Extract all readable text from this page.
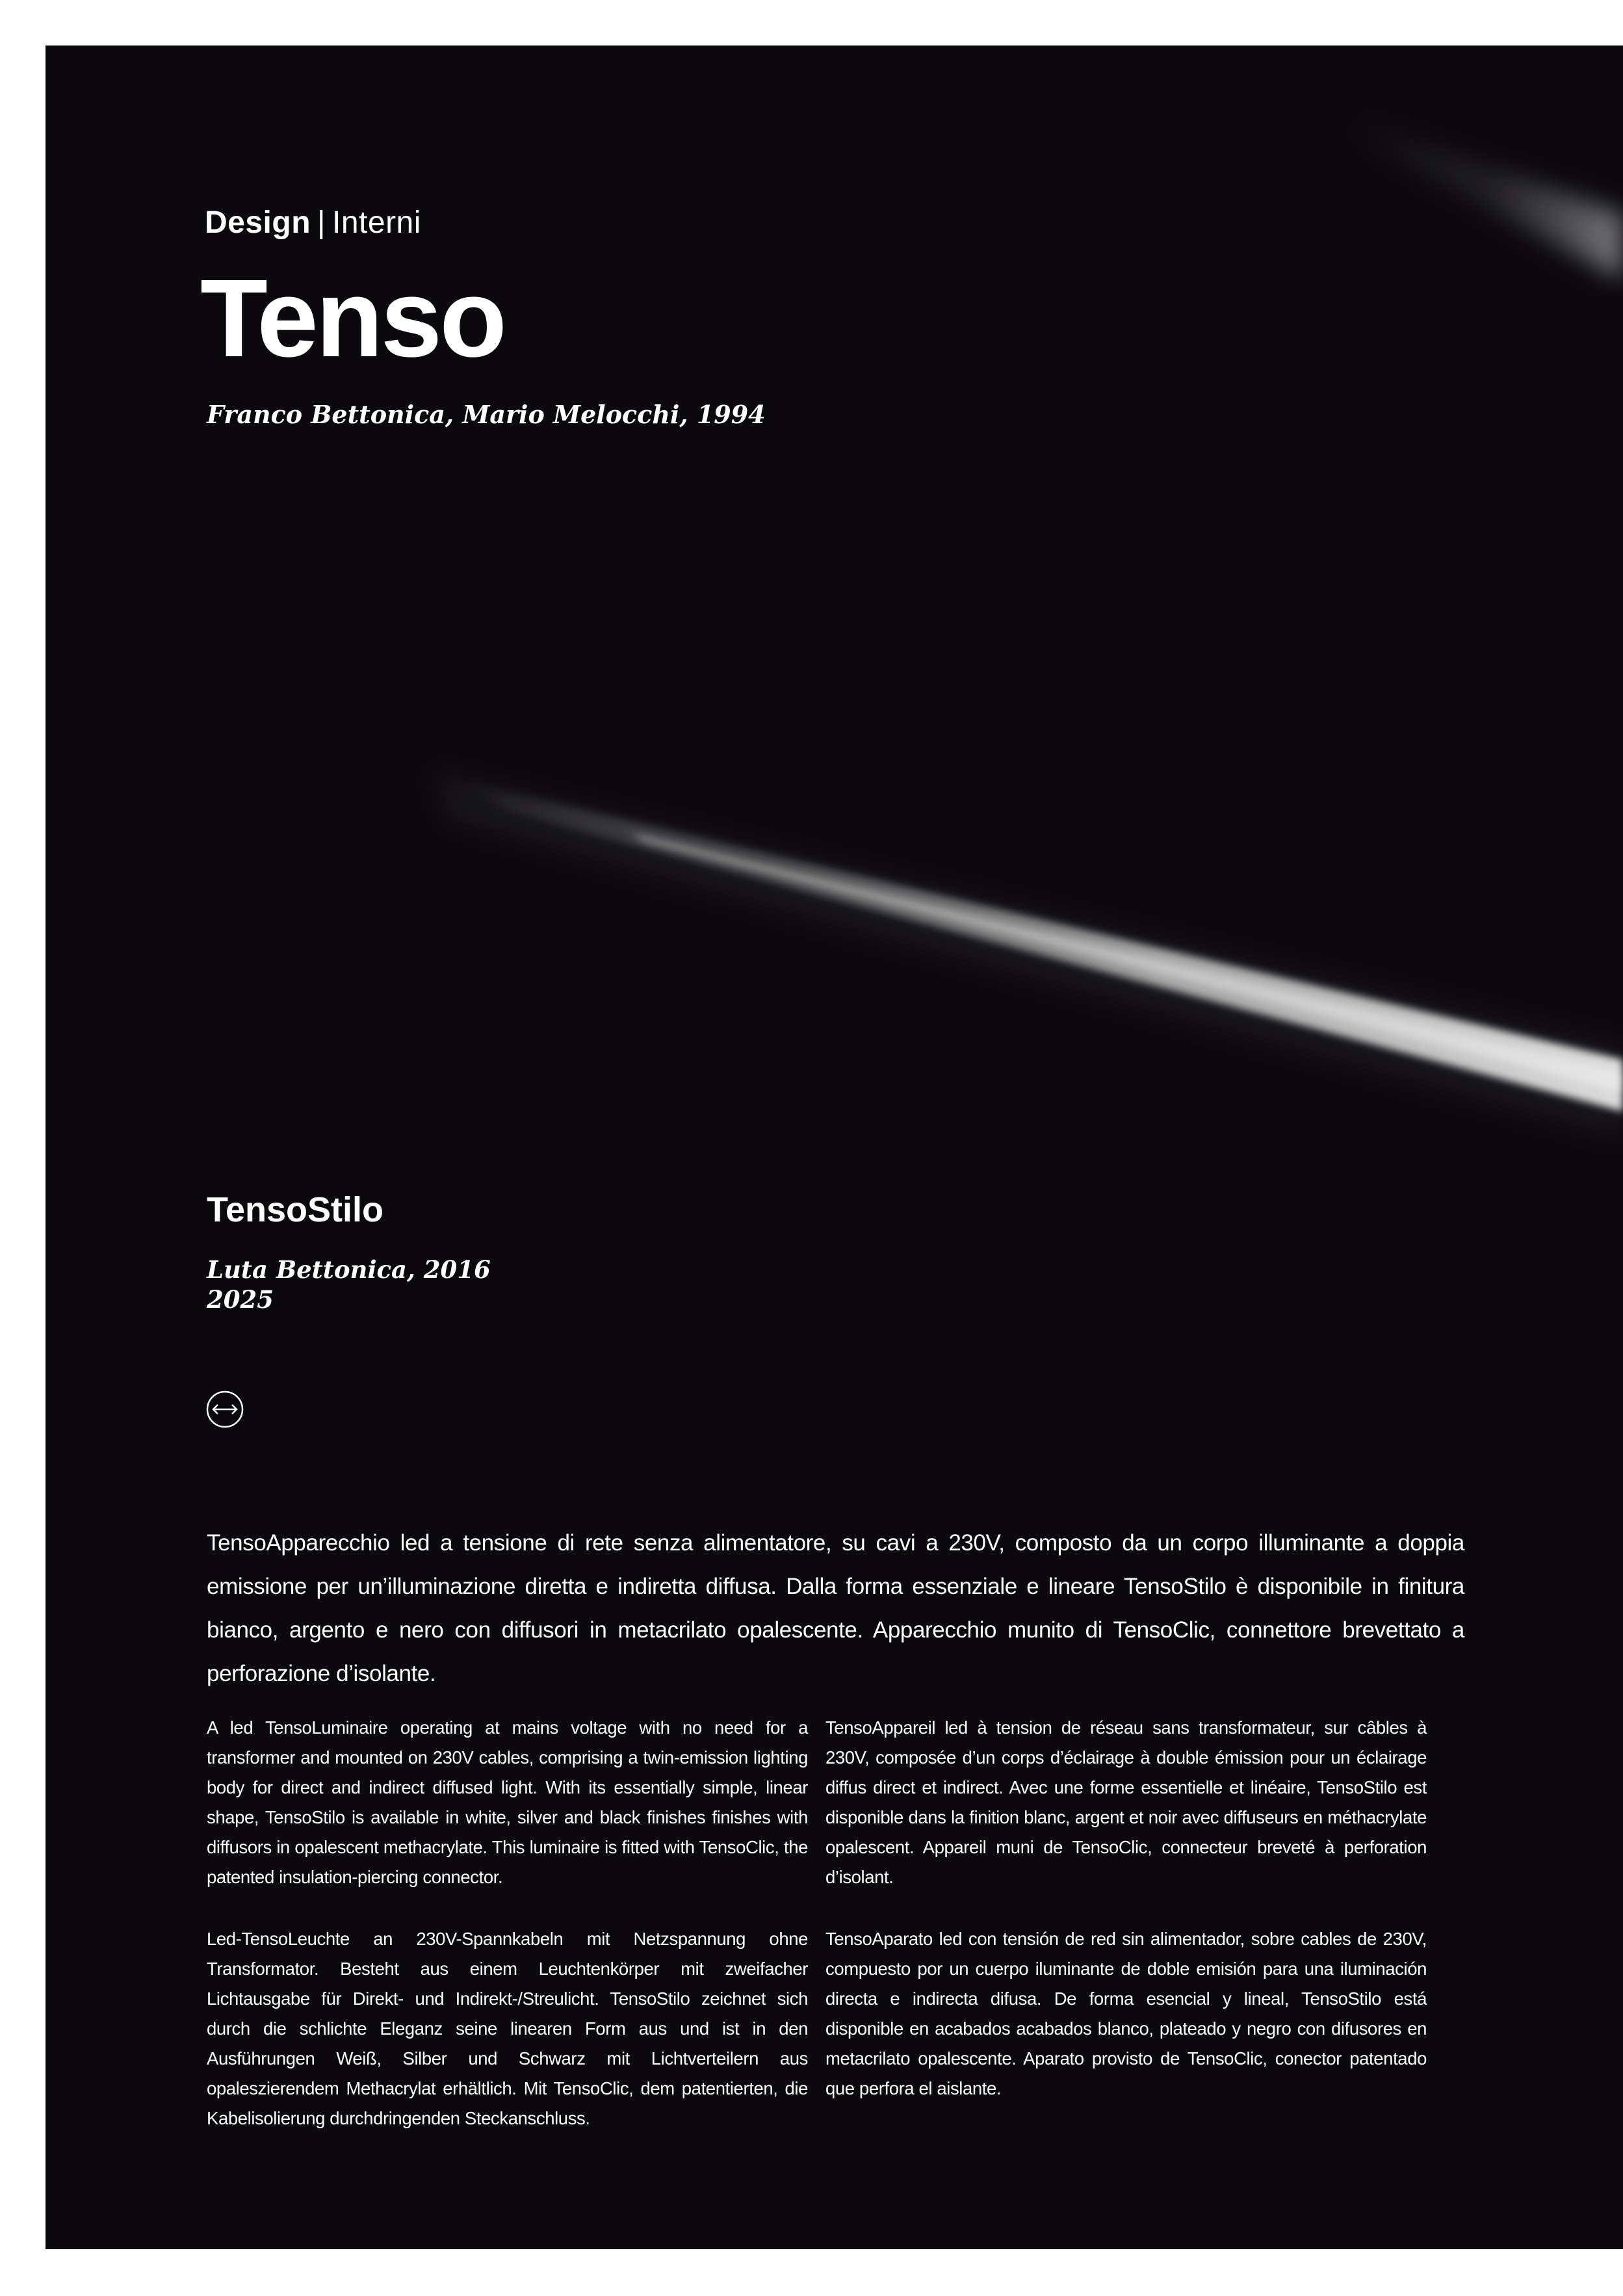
Design | Interni
Tenso
Franco Bettonica, Mario Melocchi, 1994
TensoStilo
Luta Bettonica, 2016
2025
TensoApparecchio led a tensione di rete senza alimentatore, su cavi a 230V, composto da un corpo illuminante a doppia emissione per un’illuminazione diretta e indiretta diffusa. Dalla forma essenziale e lineare TensoStilo è disponibile in finitura bianco, argento e nero con diffusori in metacrilato opalescente. Apparecchio munito di TensoClic, connettore brevettato a perforazione d’isolante.

A led TensoLuminaire operating at mains voltage with no need for a transformer and mounted on 230V cables, comprising a twin-emission lighting body for direct and indirect diffused light. With its essentially simple, linear shape, TensoStilo is available in white, silver and black finishes finishes with diffusors in opalescent methacrylate. This luminaire is fitted with TensoClic, the patented insulation-piercing connector.

TensoAppareil led à tension de réseau sans transformateur, sur câbles à 230V, composée d’un corps d’éclairage à double émission pour un éclairage diffus direct et indirect. Avec une forme essentielle et linéaire, TensoStilo est disponible dans la finition blanc, argent et noir avec diffuseurs en méthacrylate opalescent. Appareil muni de TensoClic, connecteur breveté à perforation d’isolant.

Led-TensoLeuchte an 230V-Spannkabeln mit Netzspannung ohne Transformator. Besteht aus einem Leuchtenkörper mit zweifacher Lichtausgabe für Direkt- und Indirekt-/Streulicht. TensoStilo zeichnet sich durch die schlichte Eleganz seine linearen Form aus und ist in den Ausführungen Weiß, Silber und Schwarz mit Lichtverteilern aus opaleszierendem Methacrylat erhältlich. Mit TensoClic, dem patentierten, die Kabelisolierung durchdringenden Steckanschluss.

TensoAparato led con tensión de red sin alimentador, sobre cables de 230V, compuesto por un cuerpo iluminante de doble emisión para una iluminación directa e indirecta difusa. De forma esencial y lineal, TensoStilo está disponible en acabados acabados blanco, plateado y negro con difusores en metacrilato opalescente. Aparato provisto de TensoClic, conector patentado que perfora el aislante.
